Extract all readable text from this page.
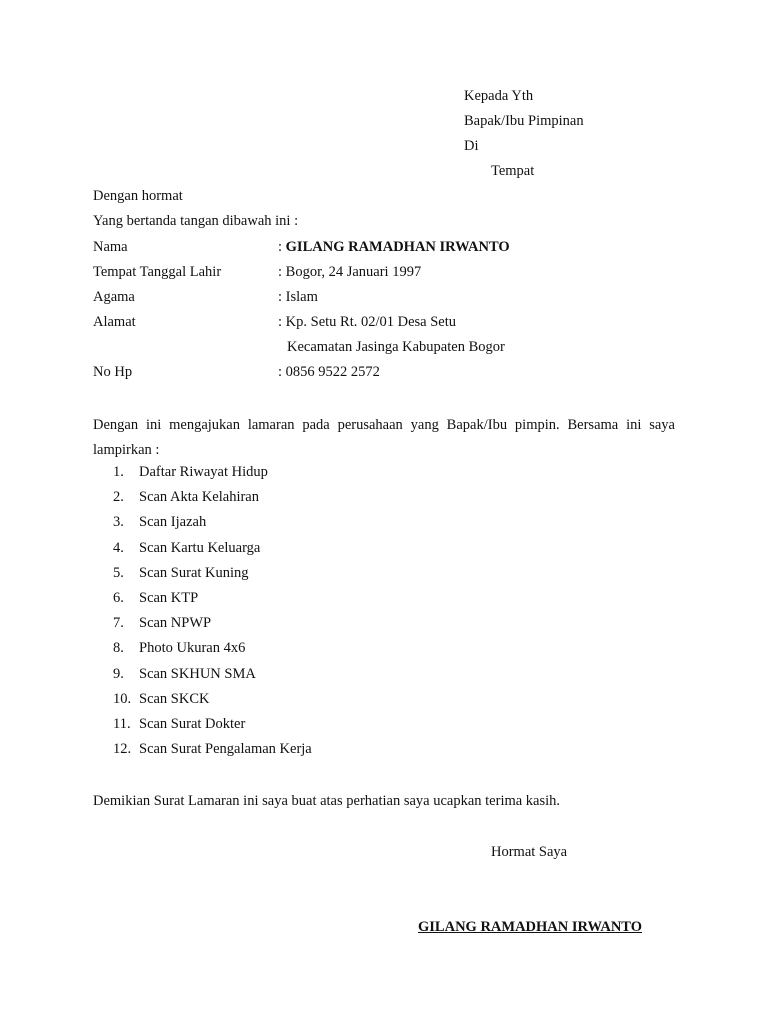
Kepada Yth
Bapak/Ibu Pimpinan
Di
Tempat
Dengan hormat
Yang bertanda tangan dibawah ini :
Nama	: GILANG RAMADHAN IRWANTO
Tempat Tanggal Lahir	: Bogor, 24 Januari 1997
Agama	: Islam
Alamat	: Kp. Setu Rt. 02/01 Desa Setu
Kecamatan Jasinga Kabupaten Bogor
No Hp	: 0856 9522 2572
Dengan ini mengajukan lamaran pada perusahaan yang Bapak/Ibu pimpin. Bersama ini saya lampirkan :
1. Daftar Riwayat Hidup
2. Scan Akta Kelahiran
3. Scan Ijazah
4. Scan Kartu Keluarga
5. Scan Surat Kuning
6. Scan KTP
7. Scan NPWP
8. Photo Ukuran 4x6
9. Scan SKHUN SMA
10. Scan SKCK
11. Scan Surat Dokter
12. Scan Surat Pengalaman Kerja
Demikian Surat Lamaran ini saya buat atas perhatian saya ucapkan terima kasih.
Hormat Saya
GILANG RAMADHAN IRWANTO
